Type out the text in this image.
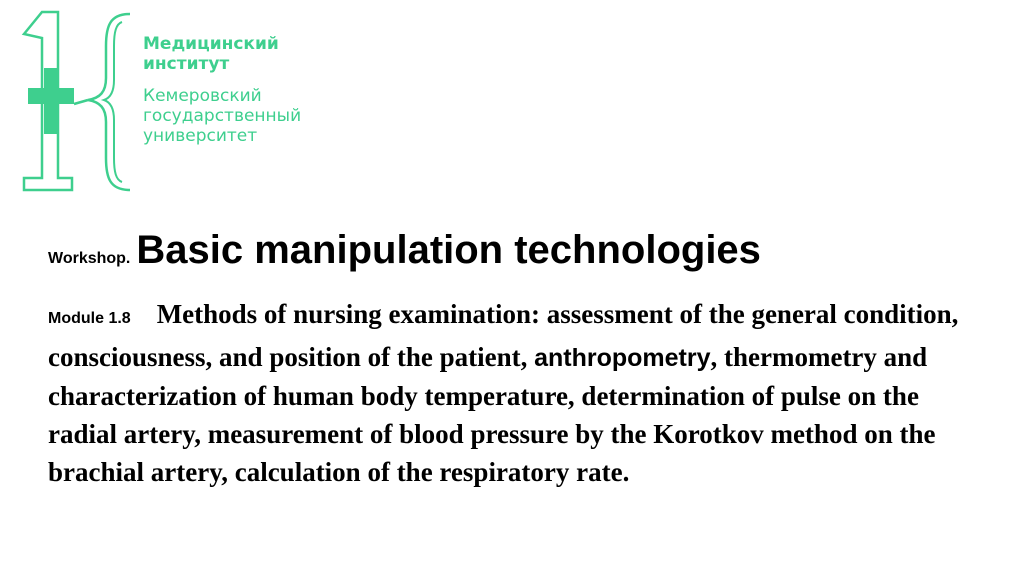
Медицинский
институт
Кемеровский
государственный
университет
Workshop. Basic manipulation technologies
Module 1.8 Methods of nursing examination: assessment of the general condition, consciousness, and position of the patient, anthropometry, thermometry and characterization of human body temperature, determination of pulse on the radial artery, measurement of blood pressure by the Korotkov method on the brachial artery, calculation of the respiratory rate.
